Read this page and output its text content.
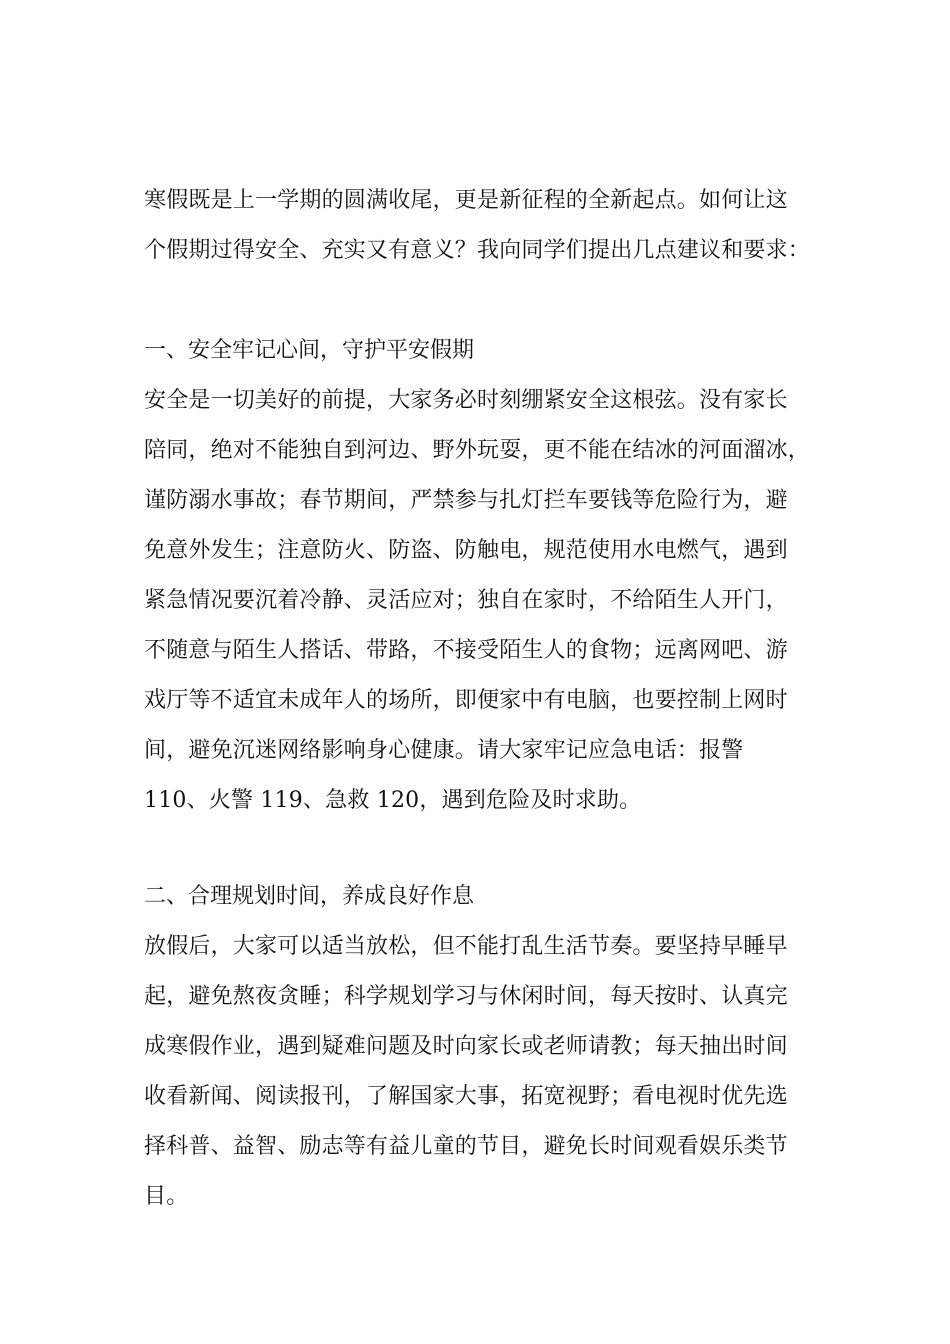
寒假既是上一学期的圆满收尾，更是新征程的全新起点。如何让这
个假期过得安全、充实又有意义？我向同学们提出几点建议和要求：
一、安全牢记心间，守护平安假期
安全是一切美好的前提，大家务必时刻绷紧安全这根弦。没有家长
陪同，绝对不能独自到河边、野外玩耍，更不能在结冰的河面溜冰，
谨防溺水事故；春节期间，严禁参与扎灯拦车要钱等危险行为，避
免意外发生；注意防火、防盗、防触电，规范使用水电燃气，遇到
紧急情况要沉着冷静、灵活应对；独自在家时，不给陌生人开门，
不随意与陌生人搭话、带路，不接受陌生人的食物；远离网吧、游
戏厅等不适宜未成年人的场所，即便家中有电脑，也要控制上网时
间，避免沉迷网络影响身心健康。请大家牢记应急电话：报警
110、火警 119、急救 120，遇到危险及时求助。
二、合理规划时间，养成良好作息
放假后，大家可以适当放松，但不能打乱生活节奏。要坚持早睡早
起，避免熬夜贪睡；科学规划学习与休闲时间，每天按时、认真完
成寒假作业，遇到疑难问题及时向家长或老师请教；每天抽出时间
收看新闻、阅读报刊，了解国家大事，拓宽视野；看电视时优先选
择科普、益智、励志等有益儿童的节目，避免长时间观看娱乐类节
目。
